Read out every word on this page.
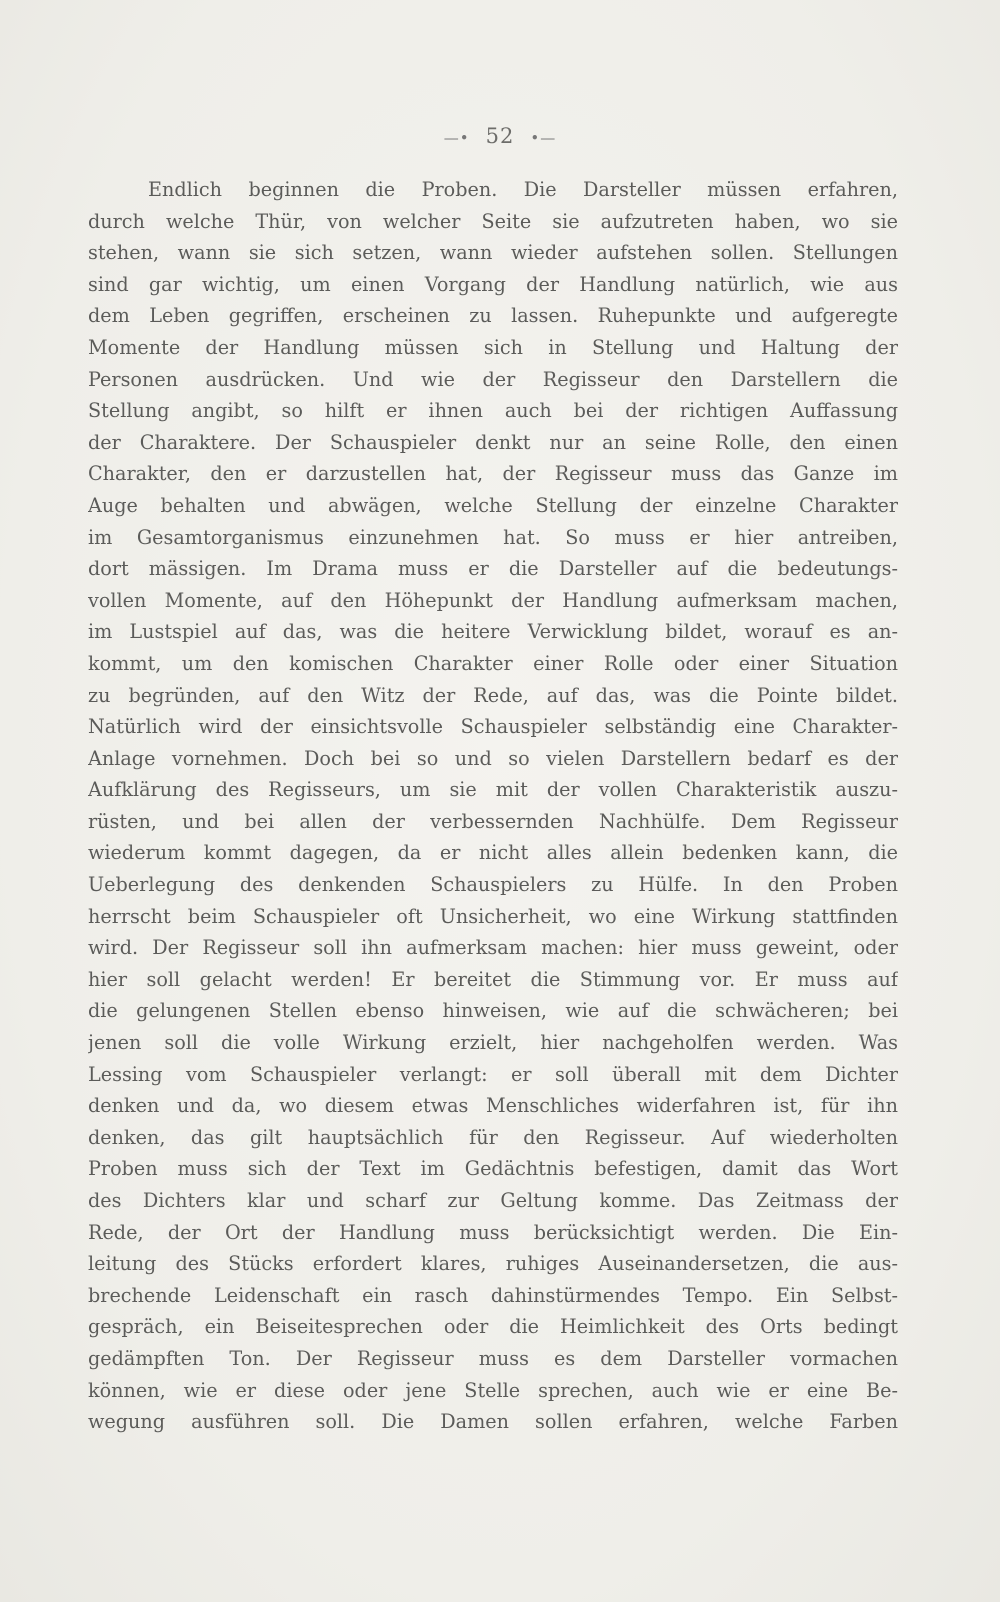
—• 52 •—
Endlich beginnen die Proben. Die Darsteller müssen erfahren,
durch welche Thür, von welcher Seite sie aufzutreten haben, wo sie
stehen, wann sie sich setzen, wann wieder aufstehen sollen. Stellungen
sind gar wichtig, um einen Vorgang der Handlung natürlich, wie aus
dem Leben gegriffen, erscheinen zu lassen. Ruhepunkte und aufgeregte
Momente der Handlung müssen sich in Stellung und Haltung der
Personen ausdrücken. Und wie der Regisseur den Darstellern die
Stellung angibt, so hilft er ihnen auch bei der richtigen Auffassung
der Charaktere. Der Schauspieler denkt nur an seine Rolle, den einen
Charakter, den er darzustellen hat, der Regisseur muss das Ganze im
Auge behalten und abwägen, welche Stellung der einzelne Charakter
im Gesamtorganismus einzunehmen hat. So muss er hier antreiben,
dort mässigen. Im Drama muss er die Darsteller auf die bedeutungs-
vollen Momente, auf den Höhepunkt der Handlung aufmerksam machen,
im Lustspiel auf das, was die heitere Verwicklung bildet, worauf es an-
kommt, um den komischen Charakter einer Rolle oder einer Situation
zu begründen, auf den Witz der Rede, auf das, was die Pointe bildet.
Natürlich wird der einsichtsvolle Schauspieler selbständig eine Charakter-
Anlage vornehmen. Doch bei so und so vielen Darstellern bedarf es der
Aufklärung des Regisseurs, um sie mit der vollen Charakteristik auszu-
rüsten, und bei allen der verbessernden Nachhülfe. Dem Regisseur
wiederum kommt dagegen, da er nicht alles allein bedenken kann, die
Ueberlegung des denkenden Schauspielers zu Hülfe. In den Proben
herrscht beim Schauspieler oft Unsicherheit, wo eine Wirkung stattfinden
wird. Der Regisseur soll ihn aufmerksam machen: hier muss geweint, oder
hier soll gelacht werden! Er bereitet die Stimmung vor. Er muss auf
die gelungenen Stellen ebenso hinweisen, wie auf die schwächeren; bei
jenen soll die volle Wirkung erzielt, hier nachgeholfen werden. Was
Lessing vom Schauspieler verlangt: er soll überall mit dem Dichter
denken und da, wo diesem etwas Menschliches widerfahren ist, für ihn
denken, das gilt hauptsächlich für den Regisseur. Auf wiederholten
Proben muss sich der Text im Gedächtnis befestigen, damit das Wort
des Dichters klar und scharf zur Geltung komme. Das Zeitmass der
Rede, der Ort der Handlung muss berücksichtigt werden. Die Ein-
leitung des Stücks erfordert klares, ruhiges Auseinandersetzen, die aus-
brechende Leidenschaft ein rasch dahinstürmendes Tempo. Ein Selbst-
gespräch, ein Beiseitesprechen oder die Heimlichkeit des Orts bedingt
gedämpften Ton. Der Regisseur muss es dem Darsteller vormachen
können, wie er diese oder jene Stelle sprechen, auch wie er eine Be-
wegung ausführen soll. Die Damen sollen erfahren, welche Farben
